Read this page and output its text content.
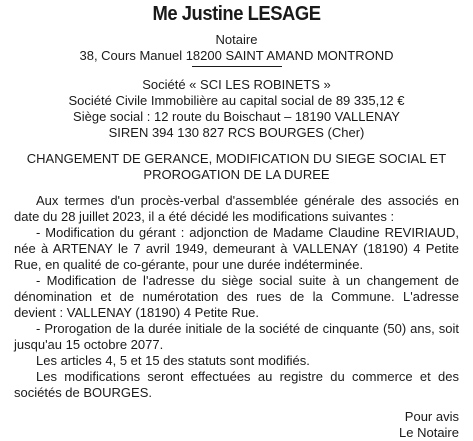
Me Justine LESAGE
Notaire
38, Cours Manuel 18200 SAINT AMAND MONTROND
Société « SCI LES ROBINETS »
Société Civile Immobilière au capital social de 89 335,12 €
Siège social : 12 route du Boischaut – 18190 VALLENAY
SIREN 394 130 827 RCS BOURGES (Cher)
CHANGEMENT DE GERANCE, MODIFICATION DU SIEGE SOCIAL ET
PROROGATION DE LA DUREE

Aux termes d'un procès-verbal d'assemblée générale des associés en date du 28 juillet 2023, il a été décidé les modifications suivantes :

- Modification du gérant : adjonction de Madame Claudine REVIRIAUD, née à ARTENAY le 7 avril 1949, demeurant à VALLENAY (18190) 4 Petite Rue, en qualité de co-gérante, pour une durée indéterminée.

- Modification de l'adresse du siège social suite à un changement de dénomination et de numérotation des rues de la Commune. L'adresse devient : VALLENAY (18190) 4 Petite Rue.

- Prorogation de la durée initiale de la société de cinquante (50) ans, soit jusqu'au 15 octobre 2077.

Les articles 4, 5 et 15 des statuts sont modifiés.

Les modifications seront effectuées au registre du commerce et des sociétés de BOURGES.

Pour avis
Le Notaire
